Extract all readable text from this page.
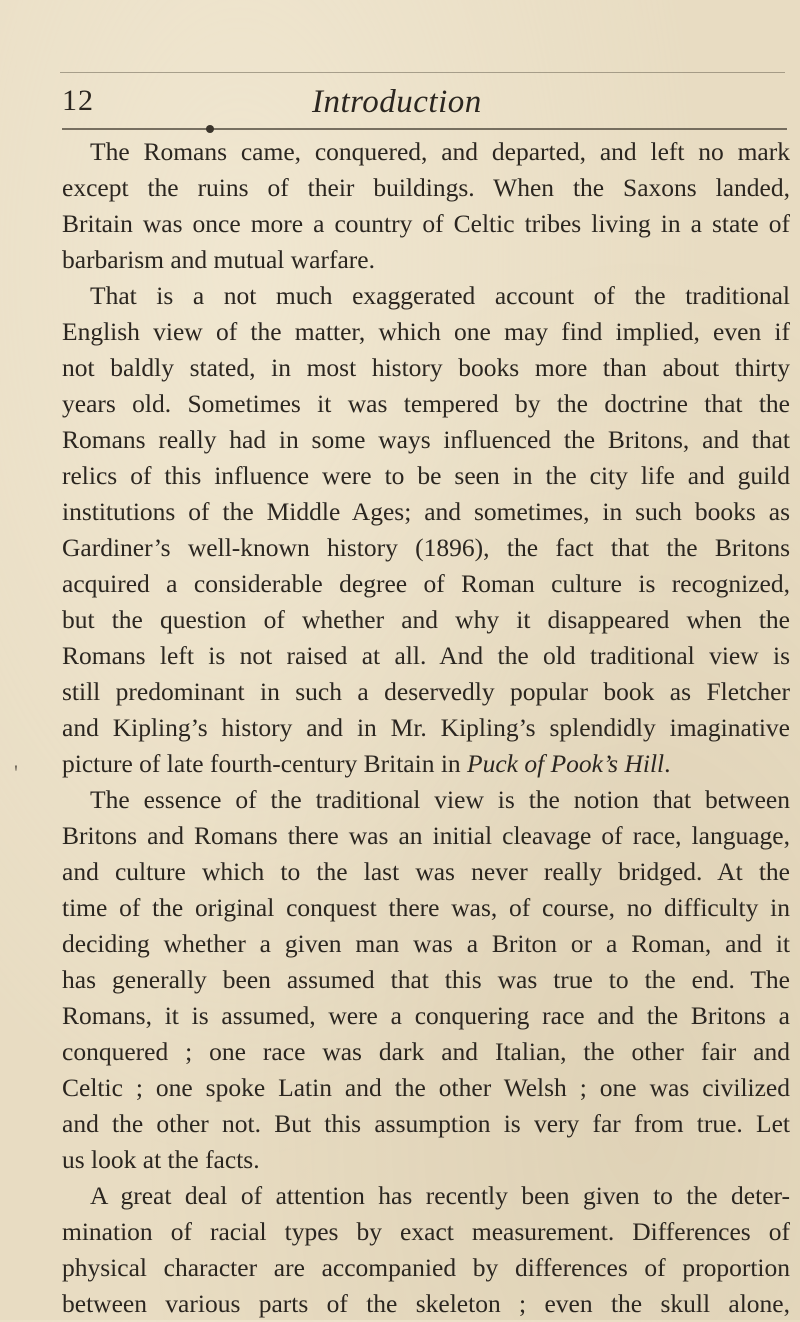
12	Introduction
'
The Romans came, conquered, and departed, and left no mark
except the ruins of their buildings. When the Saxons landed,
Britain was once more a country of Celtic tribes living in a state of
barbarism and mutual warfare.
That is a not much exaggerated account of the traditional
English view of the matter, which one may find implied, even if
not baldly stated, in most history books more than about thirty
years old. Sometimes it was tempered by the doctrine that the
Romans really had in some ways influenced the Britons, and that
relics of this influence were to be seen in the city life and guild
institutions of the Middle Ages; and sometimes, in such books as
Gardiner’s well-known history (1896), the fact that the Britons
acquired a considerable degree of Roman culture is recognized,
but the question of whether and why it disappeared when the
Romans left is not raised at all. And the old traditional view is
still predominant in such a deservedly popular book as Fletcher
and Kipling’s history and in Mr. Kipling’s splendidly imaginative
picture of late fourth-century Britain in Puck of Pook’s Hill.
The essence of the traditional view is the notion that between
Britons and Romans there was an initial cleavage of race, language,
and culture which to the last was never really bridged. At the
time of the original conquest there was, of course, no difficulty in
deciding whether a given man was a Briton or a Roman, and it
has generally been assumed that this was true to the end. The
Romans, it is assumed, were a conquering race and the Britons a
conquered ; one race was dark and Italian, the other fair and
Celtic ; one spoke Latin and the other Welsh ; one was civilized
and the other not. But this assumption is very far from true. Let
us look at the facts.
A great deal of attention has recently been given to the deter-
mination of racial types by exact measurement. Differences of
physical character are accompanied by differences of proportion
between various parts of the skeleton ; even the skull alone,
